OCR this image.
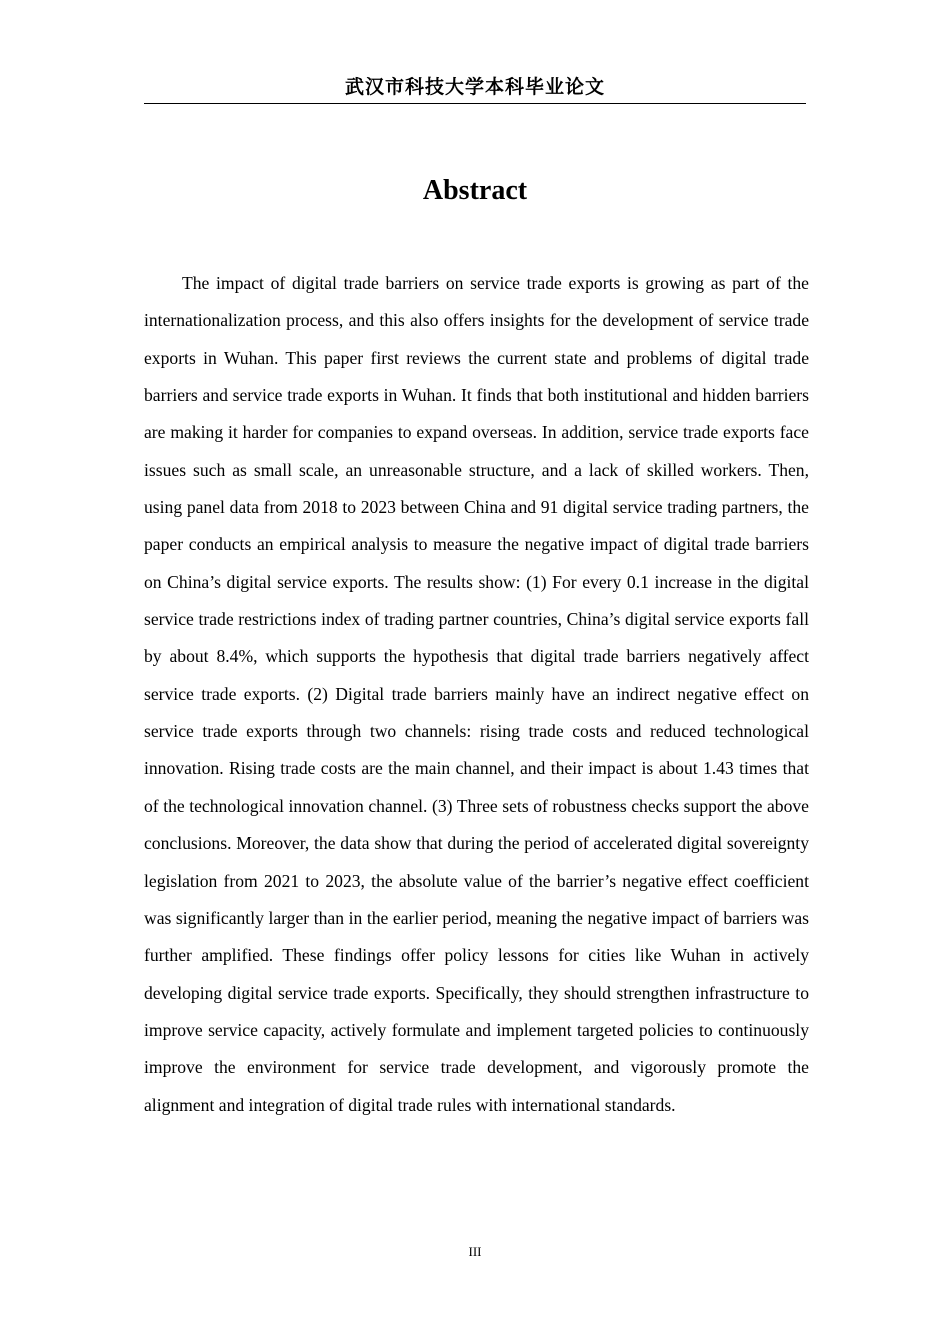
武汉市科技大学本科毕业论文
Abstract

The impact of digital trade barriers on service trade exports is growing as part of the internationalization process, and this also offers insights for the development of service trade exports in Wuhan. This paper first reviews the current state and problems of digital trade barriers and service trade exports in Wuhan. It finds that both institutional and hidden barriers are making it harder for companies to expand overseas. In addition, service trade exports face issues such as small scale, an unreasonable structure, and a lack of skilled workers. Then, using panel data from 2018 to 2023 between China and 91 digital service trading partners, the paper conducts an empirical analysis to measure the negative impact of digital trade barriers on China’s digital service exports. The results show: (1) For every 0.1 increase in the digital service trade restrictions index of trading partner countries, China’s digital service exports fall by about 8.4%, which supports the hypothesis that digital trade barriers negatively affect service trade exports. (2) Digital trade barriers mainly have an indirect negative effect on service trade exports through two channels: rising trade costs and reduced technological innovation. Rising trade costs are the main channel, and their impact is about 1.43 times that of the technological innovation channel. (3) Three sets of robustness checks support the above conclusions. Moreover, the data show that during the period of accelerated digital sovereignty legislation from 2021 to 2023, the absolute value of the barrier’s negative effect coefficient was significantly larger than in the earlier period, meaning the negative impact of barriers was further amplified. These findings offer policy lessons for cities like Wuhan in actively developing digital service trade exports. Specifically, they should strengthen infrastructure to improve service capacity, actively formulate and implement targeted policies to continuously improve the environment for service trade development, and vigorously promote the alignment and integration of digital trade rules with international standards.

III
